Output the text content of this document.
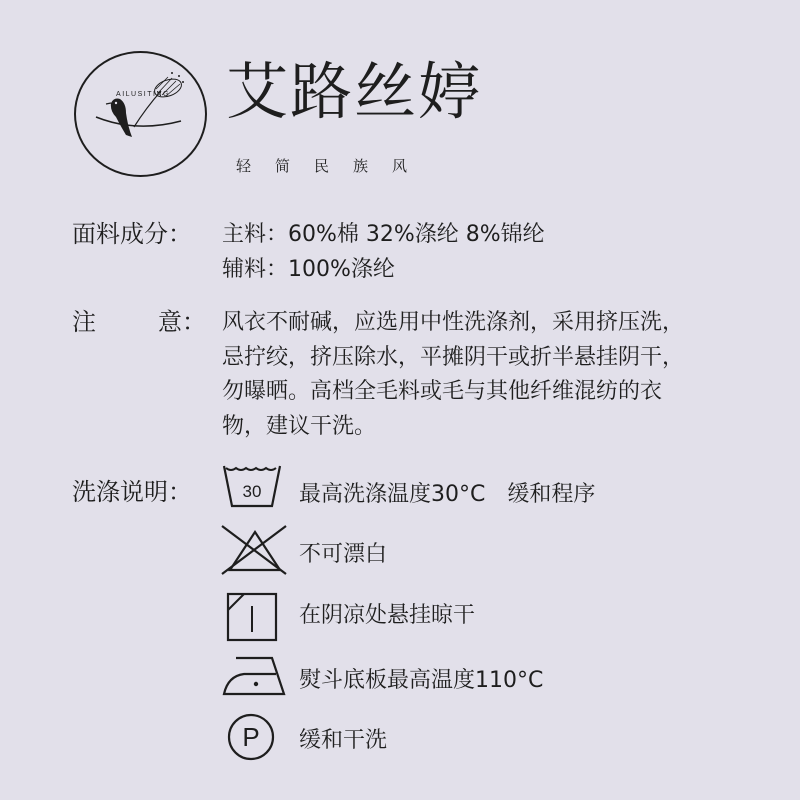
AILUSITING 艾路丝婷
轻简民族风
面料成分： 主料：60%棉 32%涤纶 8%锦纶
辅料：100%涤纶
注	意： 风衣不耐碱，应选用中性洗涤剂，采用挤压洗，
忌拧绞，挤压除水，平摊阴干或折半悬挂阴干，
勿曝晒。高档全毛料或毛与其他纤维混纺的衣
物，建议干洗。
洗涤说明：	30 最高洗涤温度30°C　缓和程序
不可漂白
在阴凉处悬挂晾干
熨斗底板最高温度110°C
P 缓和干洗
